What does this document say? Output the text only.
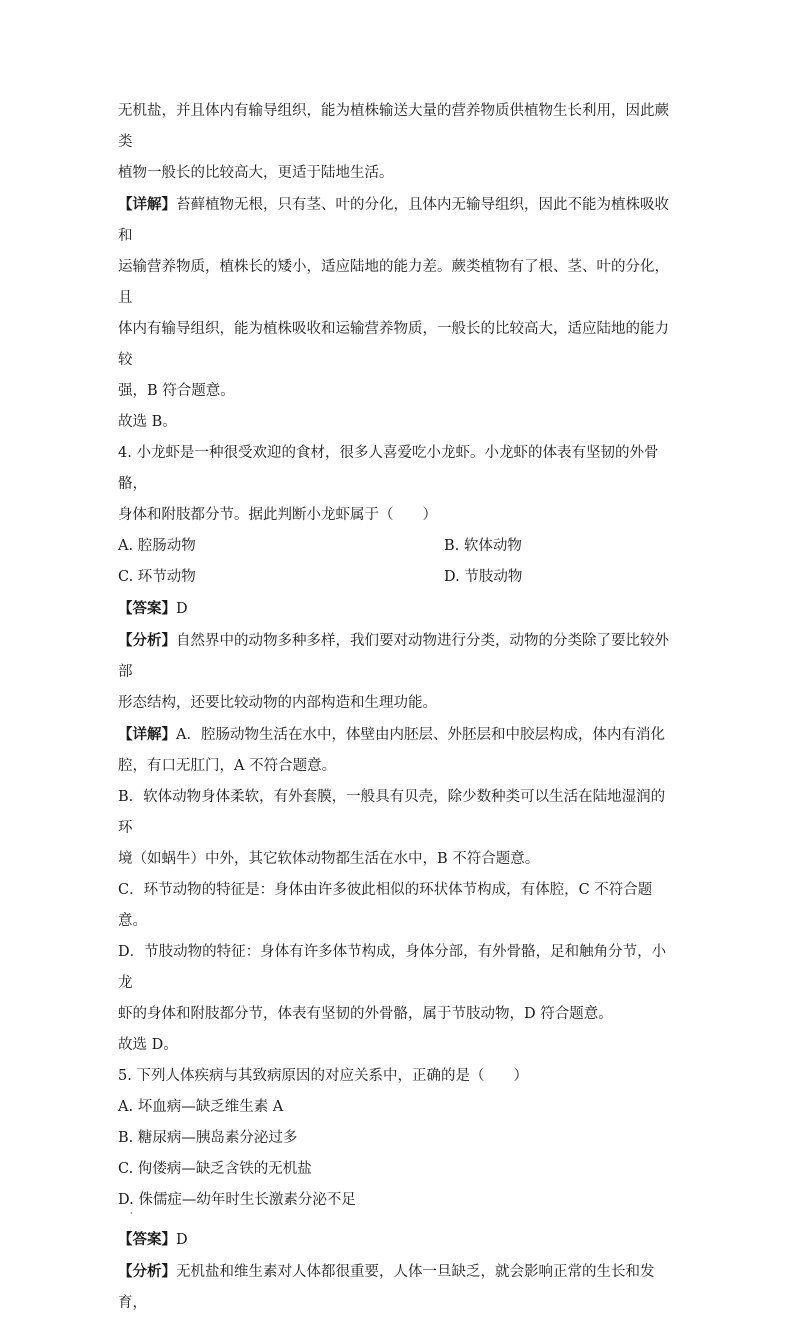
无机盐，并且体内有输导组织，能为植株输送大量的营养物质供植物生长利用，因此蕨类

植物一般长的比较高大，更适于陆地生活。

【详解】苔藓植物无根，只有茎、叶的分化，且体内无输导组织，因此不能为植株吸收和

运输营养物质，植株长的矮小，适应陆地的能力差。蕨类植物有了根、茎、叶的分化，且

体内有输导组织，能为植株吸收和运输营养物质，一般长的比较高大，适应陆地的能力较

强，B 符合题意。

故选 B。

4. 小龙虾是一种很受欢迎的食材，很多人喜爱吃小龙虾。小龙虾的体表有坚韧的外骨骼，

身体和附肢都分节。据此判断小龙虾属于（　　）

A. 腔肠动物	B. 软体动物
C. 环节动物	D. 节肢动物

【答案】D

【分析】自然界中的动物多种多样，我们要对动物进行分类，动物的分类除了要比较外部

形态结构，还要比较动物的内部构造和生理功能。

【详解】A．腔肠动物生活在水中，体壁由内胚层、外胚层和中胶层构成，体内有消化

腔，有口无肛门，A 不符合题意。

B．软体动物身体柔软，有外套膜，一般具有贝壳，除少数种类可以生活在陆地湿润的环

境（如蜗牛）中外，其它软体动物都生活在水中，B 不符合题意。

C．环节动物的特征是：身体由许多彼此相似的环状体节构成，有体腔，C 不符合题意。

D．节肢动物的特征：身体有许多体节构成，身体分部，有外骨骼，足和触角分节，小龙

虾的身体和附肢都分节，体表有坚韧的外骨骼，属于节肢动物，D 符合题意。

故选 D。

5. 下列人体疾病与其致病原因的对应关系中，正确的是（　　）

A. 坏血病—缺乏维生素 A

B. 糖尿病—胰岛素分泌过多

C. 佝偻病—缺乏含铁的无机盐

D. 侏儒症—幼年时生长激素分泌不足

·

【答案】D

【分析】无机盐和维生素对人体都很重要，人体一旦缺乏，就会影响正常的生长和发育，
